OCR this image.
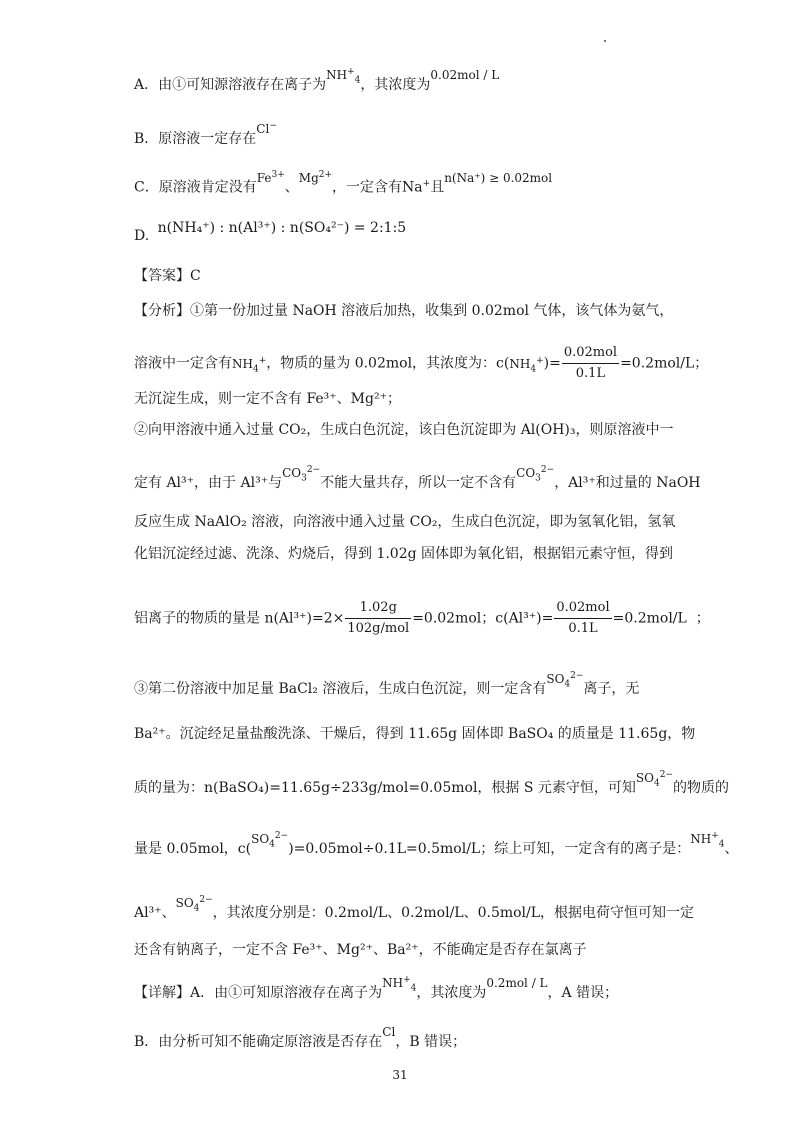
A．由①可知源溶液存在离子为$NH^+_4$，其浓度为0.02mol / L
B．原溶液一定存在Cl−
C．原溶液肯定没有$Fe^{3+}$、$Mg^{2+}$，一定含有Na+且n(Na⁺) ≥ 0.02mol
D. n(NH₄⁺) : n(Al³⁺) : n(SO₄²⁻) = 2:1:5
【答案】C
【分析】①第一份加过量 NaOH 溶液后加热，收集到 0.02mol 气体，该气体为氨气，
溶液中一定含有$NH_4^+$，物质的量为 0.02mol，其浓度为：$c(NH_4^+)= \frac{\text{0.02mol}}{0.1L} =0.2mol/L$；
无沉淀生成，则一定不含有 Fe³⁺、Mg²⁺；
②向甲溶液中通入过量 CO₂，生成白色沉淀，该白色沉淀即为 Al(OH)₃，则原溶液中一
定有 Al³⁺，由于 Al³⁺与$CO_3^{2-}$不能大量共存，所以一定不含有$CO_3^{2-}$，Al³⁺和过量的 NaOH
反应生成 NaAlO₂ 溶液，向溶液中通入过量 CO₂，生成白色沉淀，即为氢氧化铝，氢氧
化铝沉淀经过滤、洗涤、灼烧后，得到 1.02g 固体即为氧化铝，根据铝元素守恒，得到
铝离子的物质的量是 $n(Al^{3+})=2\times \frac{1.02g}{\text{102g/mol}} =0.02mol$；$c(Al^{3+})= \frac{\text{0.02mol}}{0.1L} =0.2mol/L$ ；
③第二份溶液中加足量 BaCl₂ 溶液后，生成白色沉淀，则一定含有$SO_4^{2-}$离子，无
Ba²⁺。沉淀经足量盐酸洗涤、干燥后，得到 11.65g 固体即 BaSO₄ 的质量是 11.65g，物
质的量为：n(BaSO₄)=11.65g÷233g/mol=0.05mol，根据 S 元素守恒，可知$SO_4^{2-}$的物质的
量是 0.05mol，$c(SO_4^{2-})=0.05mol\div 0.1L=0.5mol/L$；综上可知，一定含有的离子是：$NH^+_4$、
Al³⁺、$SO_4^{2-}$，其浓度分别是：0.2mol/L、0.2mol/L、0.5mol/L，根据电荷守恒可知一定
还含有钠离子，一定不含 Fe³⁺、Mg²⁺、Ba²⁺，不能确定是否存在氯离子
【详解】A．由①可知原溶液存在离子为$NH^+_4$，其浓度为0.2mol / L，A 错误；
B．由分析可知不能确定原溶液是否存在Cl，B 错误；
31
